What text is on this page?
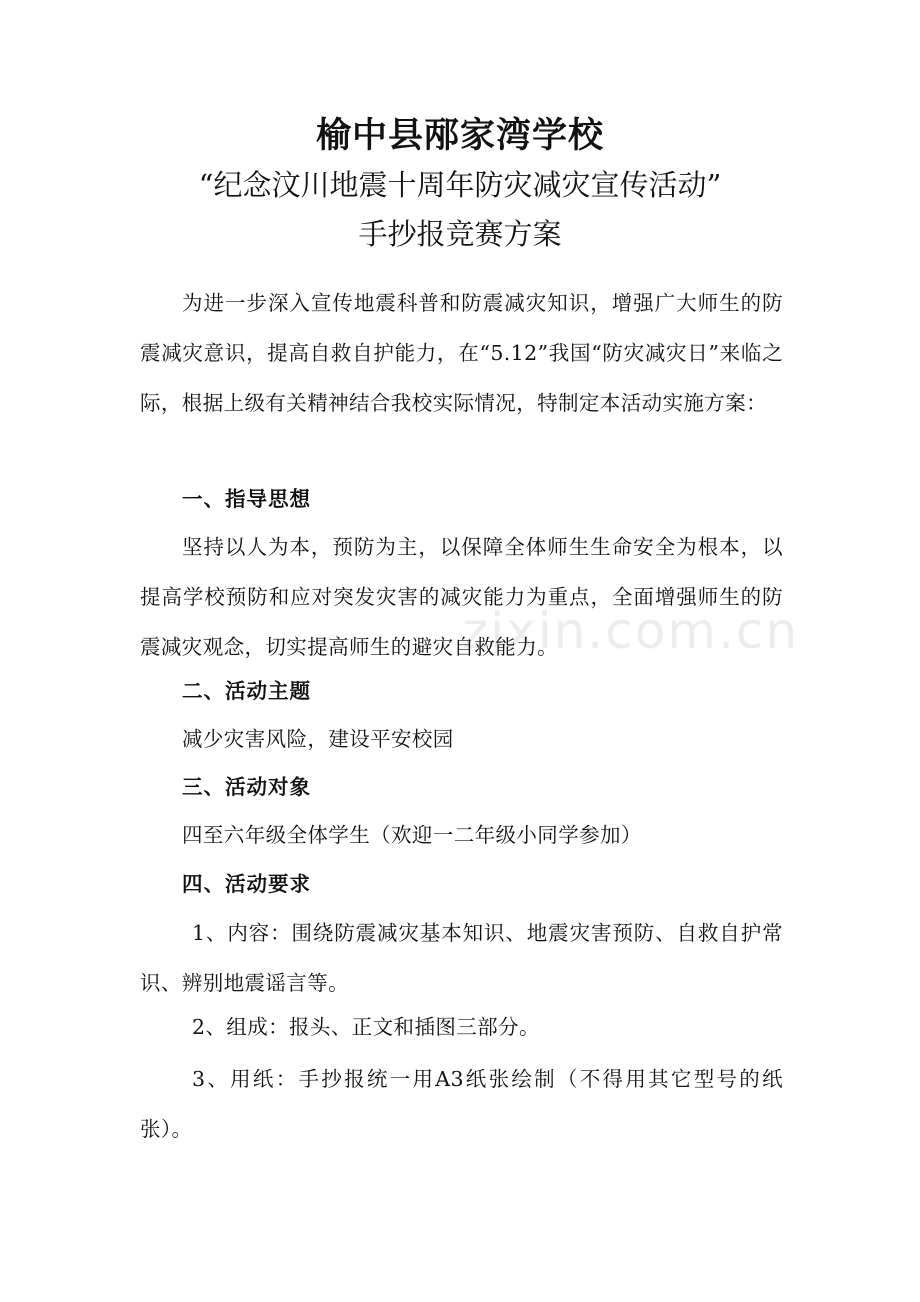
榆中县邴家湾学校

“纪念汶川地震十周年防灾减灾宣传活动”

手抄报竞赛方案

为进一步深入宣传地震科普和防震减灾知识，增强广大师生的防震减灾意识，提高自救自护能力，在“5.12”我国“防灾减灾日”来临之际，根据上级有关精神结合我校实际情况，特制定本活动实施方案：

一、指导思想

坚持以人为本，预防为主，以保障全体师生生命安全为根本，以提高学校预防和应对突发灾害的减灾能力为重点，全面增强师生的防震减灾观念，切实提高师生的避灾自救能力。

二、活动主题

减少灾害风险，建设平安校园

三、活动对象

四至六年级全体学生（欢迎一二年级小同学参加）

四、活动要求

1、内容：围绕防震减灾基本知识、地震灾害预防、自救自护常识、辨别地震谣言等。

2、组成：报头、正文和插图三部分。

3、用纸：手抄报统一用A3纸张绘制（不得用其它型号的纸张）。

zixin.com.cn
